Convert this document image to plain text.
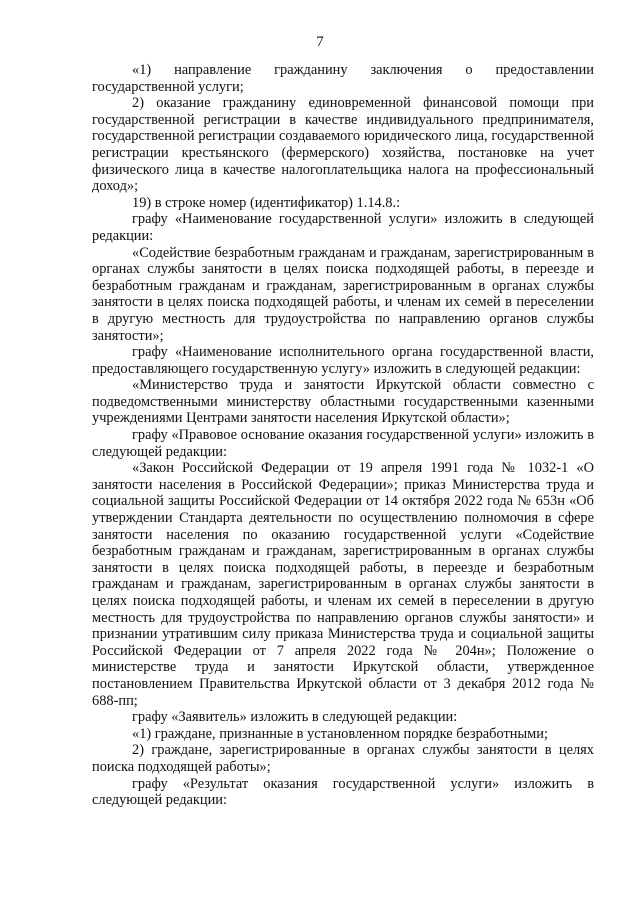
7

«1) направление гражданину заключения о предоставлении государственной услуги;

2) оказание гражданину единовременной финансовой помощи при государственной регистрации в качестве индивидуального предпринимателя, государственной регистрации создаваемого юридического лица, государственной регистрации крестьянского (фермерского) хозяйства, постановке на учет физического лица в качестве налогоплательщика налога на профессиональный доход»;

19) в строке номер (идентификатор) 1.14.8.:

графу «Наименование государственной услуги» изложить в следующей редакции:

«Содействие безработным гражданам и гражданам, зарегистрированным в органах службы занятости в целях поиска подходящей работы, в переезде и безработным гражданам и гражданам, зарегистрированным в органах службы занятости в целях поиска подходящей работы, и членам их семей в переселении в другую местность для трудоустройства по направлению органов службы занятости»;

графу «Наименование исполнительного органа государственной власти, предоставляющего государственную услугу» изложить в следующей редакции:

«Министерство труда и занятости Иркутской области совместно с подведомственными министерству областными государственными казенными учреждениями Центрами занятости населения Иркутской области»;

графу «Правовое основание оказания государственной услуги» изложить в следующей редакции:

«Закон Российской Федерации от 19 апреля 1991 года № 1032-1 «О занятости населения в Российской Федерации»; приказ Министерства труда и социальной защиты Российской Федерации от 14 октября 2022 года № 653н «Об утверждении Стандарта деятельности по осуществлению полномочия в сфере занятости населения по оказанию государственной услуги «Содействие безработным гражданам и гражданам, зарегистрированным в органах службы занятости в целях поиска подходящей работы, в переезде и безработным гражданам и гражданам, зарегистрированным в органах службы занятости в целях поиска подходящей работы, и членам их семей в переселении в другую местность для трудоустройства по направлению органов службы занятости» и признании утратившим силу приказа Министерства труда и социальной защиты Российской Федерации от 7 апреля 2022 года № 204н»; Положение о министерстве труда и занятости Иркутской области, утвержденное постановлением Правительства Иркутской области от 3 декабря 2012 года № 688-пп;

графу «Заявитель» изложить в следующей редакции:

«1) граждане, признанные в установленном порядке безработными;

2) граждане, зарегистрированные в органах службы занятости в целях поиска подходящей работы»;

графу «Результат оказания государственной услуги» изложить в следующей редакции:
